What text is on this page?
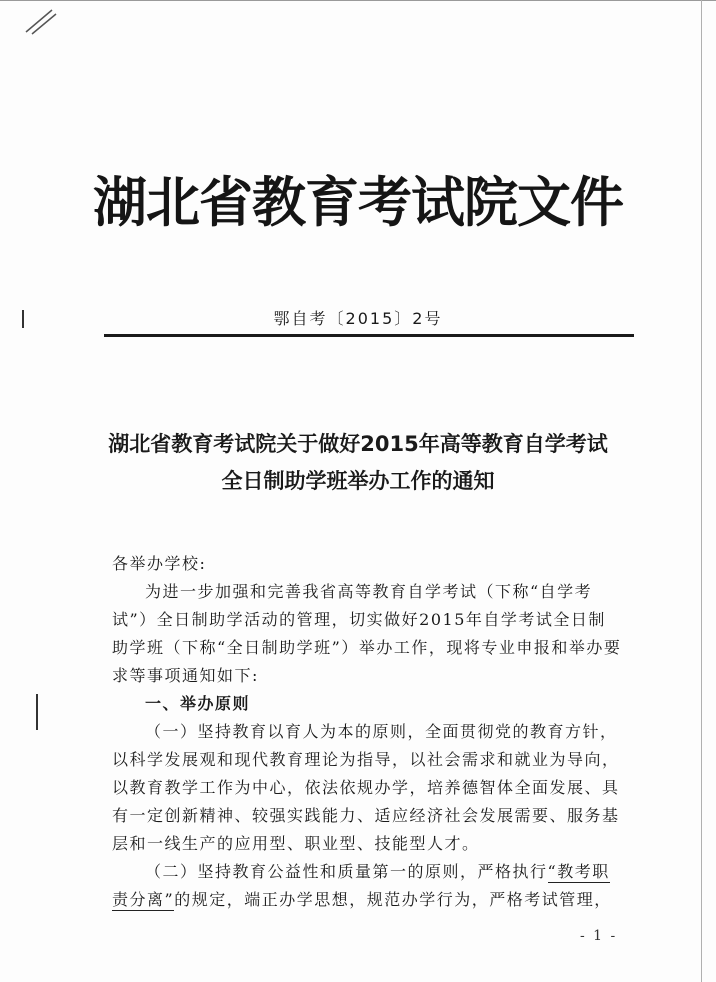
湖北省教育考试院文件
鄂自考〔2015〕2号
湖北省教育考试院关于做好2015年高等教育自学考试
全日制助学班举办工作的通知

各举办学校:

为进一步加强和完善我省高等教育自学考试（下称“自学考试”）全日制助学活动的管理，切实做好2015年自学考试全日制助学班（下称“全日制助学班”）举办工作，现将专业申报和举办要求等事项通知如下:

一、举办原则

（一）坚持教育以育人为本的原则，全面贯彻党的教育方针，以科学发展观和现代教育理论为指导，以社会需求和就业为导向，以教育教学工作为中心，依法依规办学，培养德智体全面发展、具有一定创新精神、较强实践能力、适应经济社会发展需要、服务基层和一线生产的应用型、职业型、技能型人才。

（二）坚持教育公益性和质量第一的原则，严格执行“教考职责分离”的规定，端正办学思想，规范办学行为，严格考试管理，

- 1 -
